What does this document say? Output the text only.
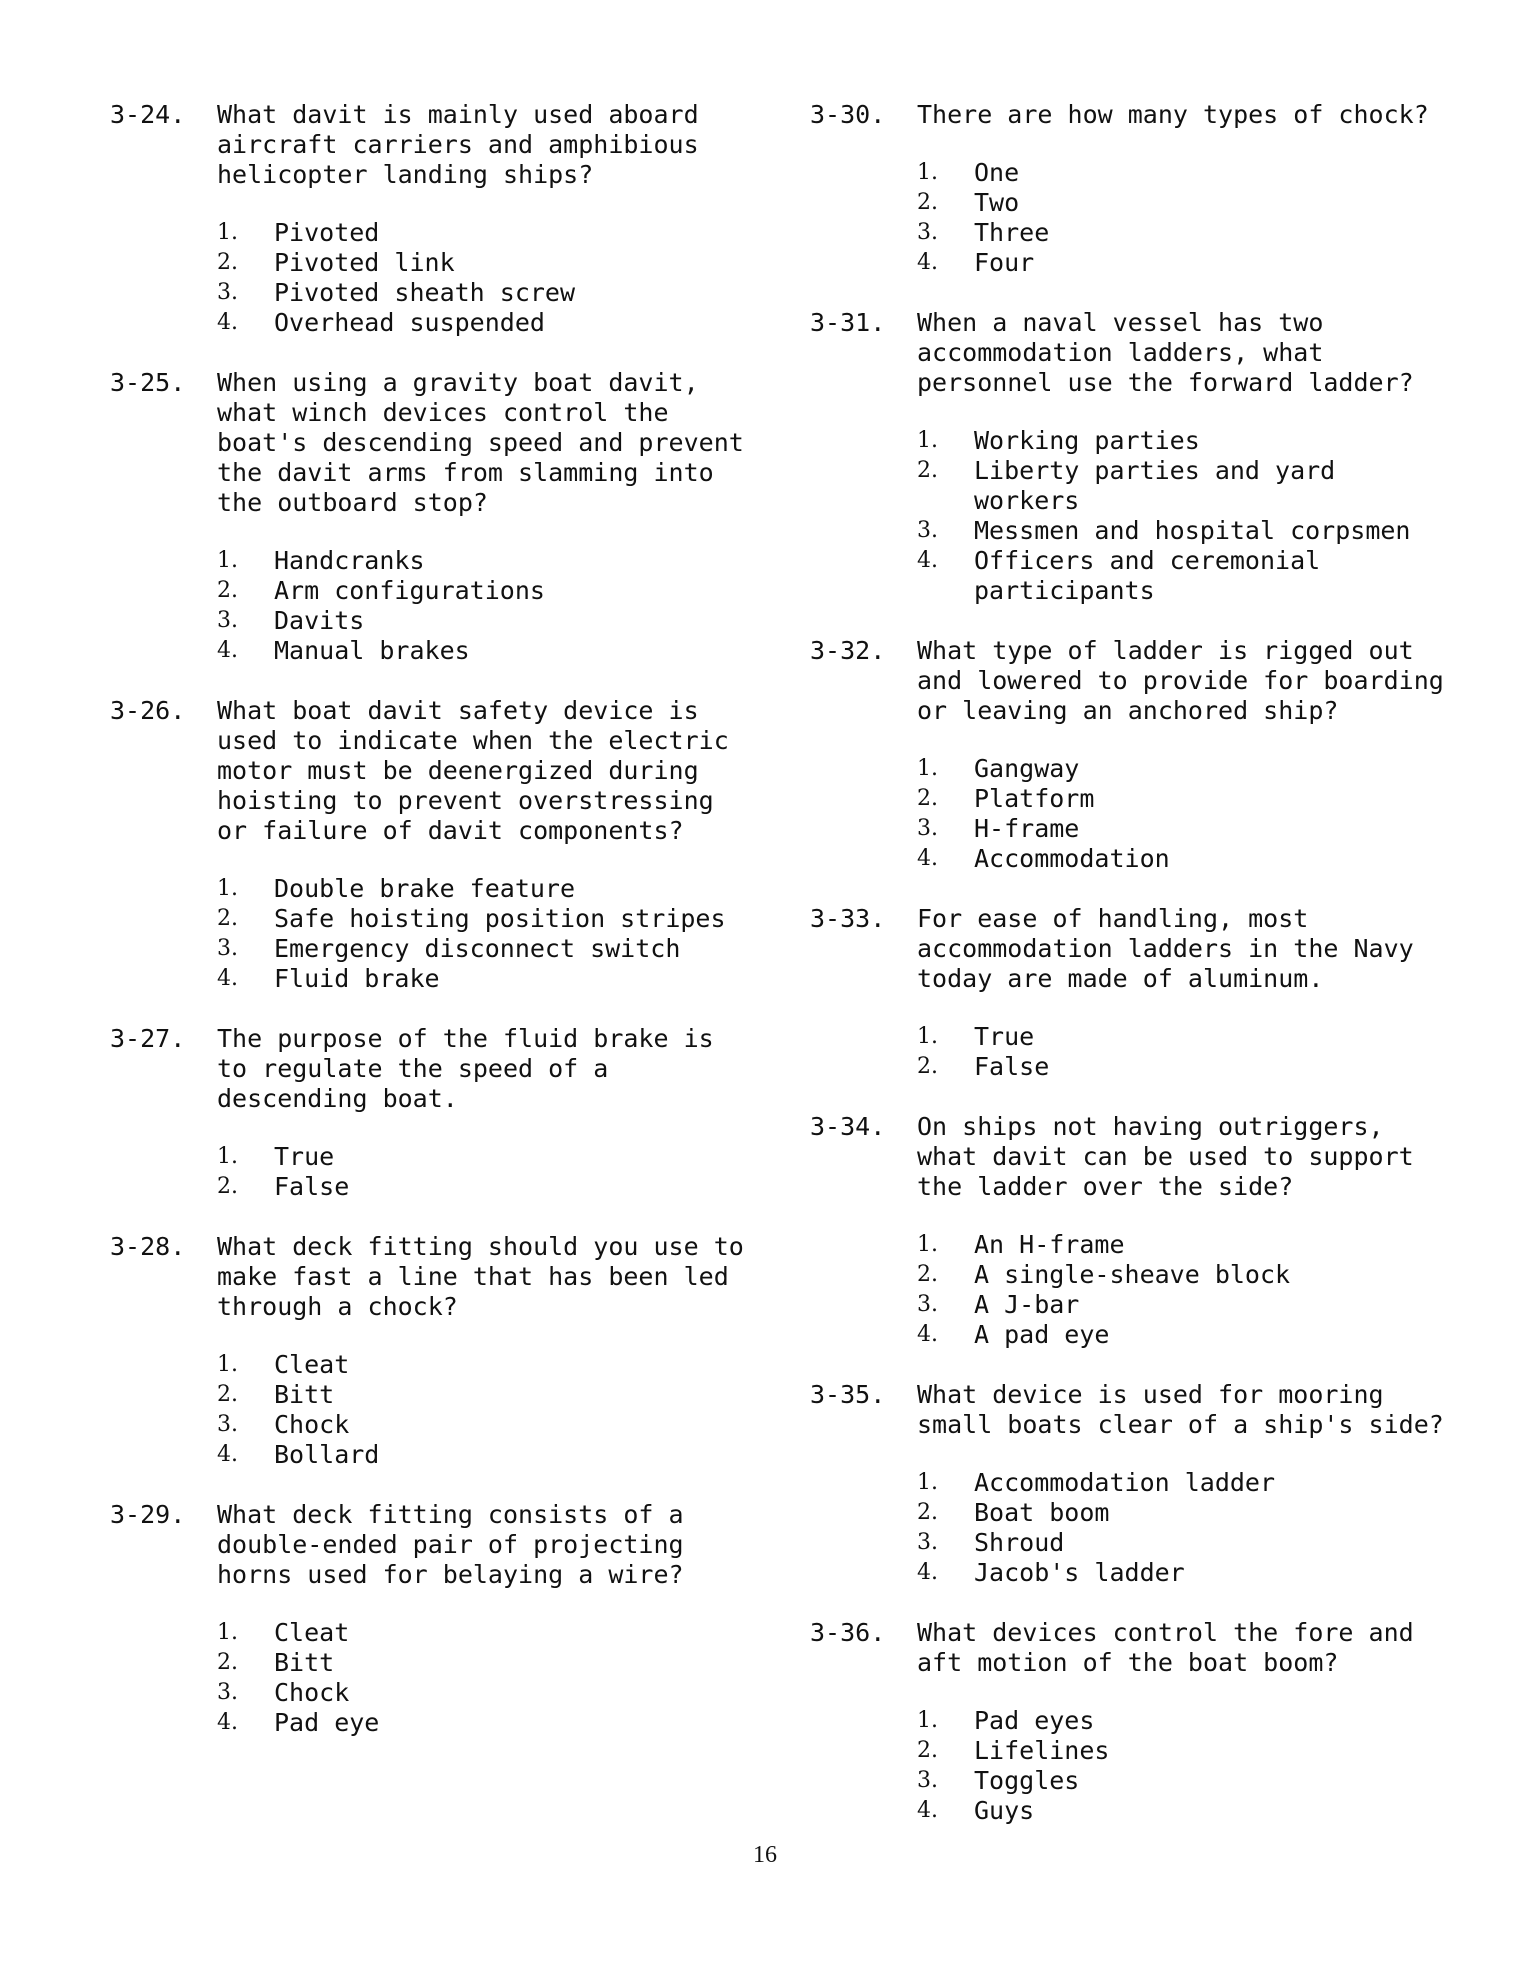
3-24.	What davit is mainly used aboard
aircraft carriers and amphibious
helicopter landing ships?
1. Pivoted
2. Pivoted link
3. Pivoted sheath screw
4. Overhead suspended
3-25.	When using a gravity boat davit,
what winch devices control the
boat's descending speed and prevent
the davit arms from slamming into
the outboard stop?
1. Handcranks
2. Arm configurations
3. Davits
4. Manual brakes
3-26.	What boat davit safety device is
used to indicate when the electric
motor must be deenergized during
hoisting to prevent overstressing
or failure of davit components?
1. Double brake feature
2. Safe hoisting position stripes
3. Emergency disconnect switch
4. Fluid brake
3-27.	The purpose of the fluid brake is
to regulate the speed of a
descending boat.
1. True
2. False
3-28.	What deck fitting should you use to
make fast a line that has been led
through a chock?
1. Cleat
2. Bitt
3. Chock
4. Bollard
3-29.	What deck fitting consists of a
double-ended pair of projecting
horns used for belaying a wire?
1. Cleat
2. Bitt
3. Chock
4. Pad eye
3-30.	There are how many types of chock?
1. One
2. Two
3. Three
4. Four
3-31.	When a naval vessel has two
accommodation ladders, what
personnel use the forward ladder?
1. Working parties
2. Liberty parties and yard
workers
3. Messmen and hospital corpsmen
4. Officers and ceremonial
participants
3-32.	What type of ladder is rigged out
and lowered to provide for boarding
or leaving an anchored ship?
1. Gangway
2. Platform
3. H-frame
4. Accommodation
3-33.	For ease of handling, most
accommodation ladders in the Navy
today are made of aluminum.
1. True
2. False
3-34.	On ships not having outriggers,
what davit can be used to support
the ladder over the side?
1. An H-frame
2. A single-sheave block
3. A J-bar
4. A pad eye
3-35.	What device is used for mooring
small boats clear of a ship's side?
1. Accommodation ladder
2. Boat boom
3. Shroud
4. Jacob's ladder
3-36.	What devices control the fore and
aft motion of the boat boom?
1. Pad eyes
2. Lifelines
3. Toggles
4. Guys
16
